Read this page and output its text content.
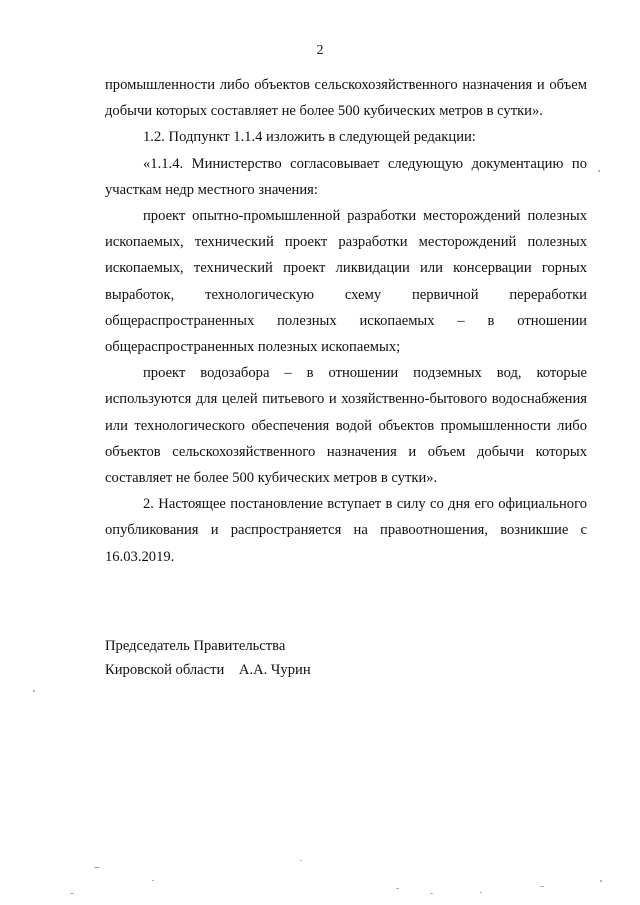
2

промышленности либо объектов сельскохозяйственного назначения и объем добычи которых составляет не более 500 кубических метров в сутки».

1.2. Подпункт 1.1.4 изложить в следующей редакции:

«1.1.4. Министерство согласовывает следующую документацию по участкам недр местного значения:

проект опытно-промышленной разработки месторождений полезных ископаемых, технический проект разработки месторождений полезных ископаемых, технический проект ликвидации или консервации горных выработок, технологическую схему первичной переработки общераспространенных полезных ископаемых – в отношении общераспространенных полезных ископаемых;

проект водозабора – в отношении подземных вод, которые используются для целей питьевого и хозяйственно-бытового водоснабжения или технологического обеспечения водой объектов промышленности либо объектов сельскохозяйственного назначения и объем добычи которых составляет не более 500 кубических метров в сутки».

2. Настоящее постановление вступает в силу со дня его официального опубликования и распространяется на правоотношения, возникшие с 16.03.2019.

Председатель Правительства
Кировской области    А.А. Чурин
